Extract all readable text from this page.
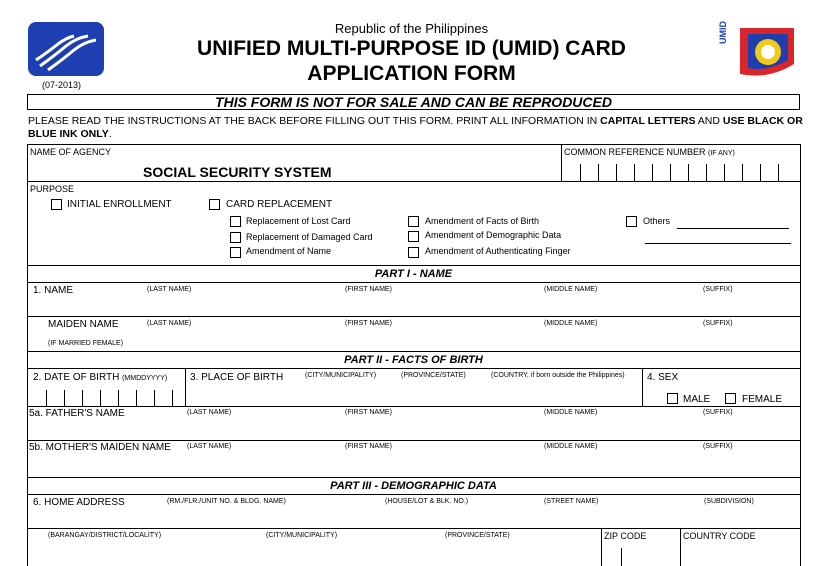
(07-2013)
Republic of the Philippines
UNIFIED MULTI-PURPOSE ID (UMID) CARD
APPLICATION FORM
UMID
THIS FORM IS NOT FOR SALE AND CAN BE REPRODUCED
PLEASE READ THE INSTRUCTIONS AT THE BACK BEFORE FILLING OUT THIS FORM. PRINT ALL INFORMATION IN CAPITAL LETTERS AND USE BLACK OR BLUE INK ONLY.
NAME OF AGENCY
SOCIAL SECURITY SYSTEM
COMMON REFERENCE NUMBER (IF ANY)
PURPOSE
INITIAL ENROLLMENT	CARD REPLACEMENT
Replacement of Lost Card
Replacement of Damaged Card
Amendment of Name
Amendment of Facts of Birth
Amendment of Demographic Data
Amendment of Authenticating Finger
Others
PART I - NAME
1. NAME	(LAST NAME)	(FIRST NAME)	(MIDDLE NAME)	(SUFFIX)
MAIDEN NAME	(LAST NAME)	(FIRST NAME)	(MIDDLE NAME)	(SUFFIX)
(IF MARRIED FEMALE)
PART II - FACTS OF BIRTH
2. DATE OF BIRTH (MMDDYYYY) 3. PLACE OF BIRTH	(CITY/MUNICIPALITY)	(PROVINCE/STATE)	(COUNTRY, if born outside the Philippines) 4. SEX
MALE	FEMALE
5a. FATHER'S NAME	(LAST NAME)	(FIRST NAME)	(MIDDLE NAME)	(SUFFIX)
5b. MOTHER'S MAIDEN NAME (LAST NAME)	(FIRST NAME)	(MIDDLE NAME)	(SUFFIX)
PART III - DEMOGRAPHIC DATA
6. HOME ADDRESS	(RM./FLR./UNIT NO. & BLDG. NAME)	(HOUSE/LOT & BLK. NO.)	(STREET NAME)	(SUBDIVISION)
(BARANGAY/DISTRICT/LOCALITY)	(CITY/MUNICIPALITY)	(PROVINCE/STATE)	ZIP CODE	COUNTRY CODE
